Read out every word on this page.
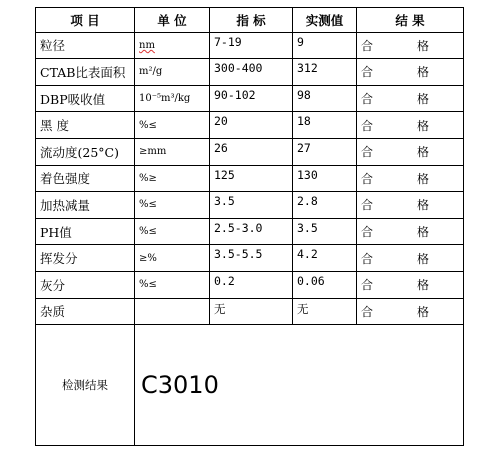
项 目	单 位	指 标	实测值	结 果
粒径	nm	7-19	9	合 格
CTAB比表面积	m²/g	300-400	312	合 格
DBP吸收值	10⁻⁵m³/kg	90-102	98	合 格
黑 度	%≤	20	18	合 格
流动度(25°C)	≥mm	26	27	合 格
着色强度	%≥	125	130	合 格
加热减量	%≤	3.5	2.8	合 格
PH值	%≤	2.5-3.0	3.5	合 格
挥发分	≥%	3.5-5.5	4.2	合 格
灰分	%≤	0.2	0.06	合 格
杂质		无	无	合 格
检测结果	C3010			
